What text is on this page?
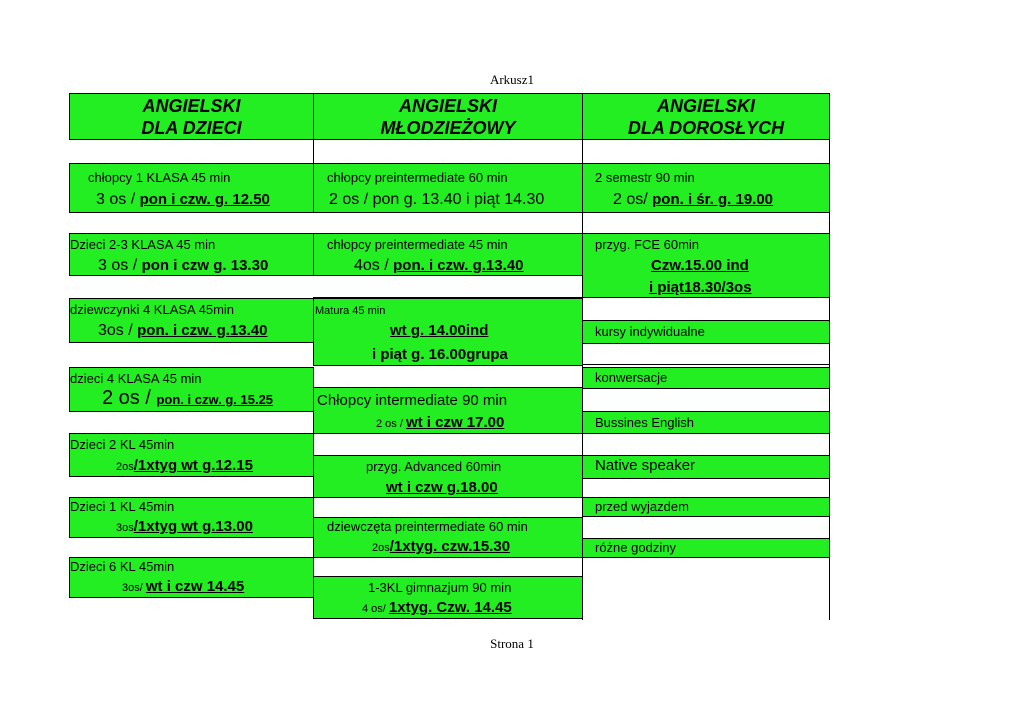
Arkusz1
ANGIELSKI
DLA DZIECI
ANGIELSKI
MŁODZIEŻOWY
ANGIELSKI
DLA DOROSŁYCH
chłopcy 1 KLASA 45 min
3 os / pon i czw. g. 12.50
Dzieci 2-3 KLASA 45 min
3 os / pon i czw g. 13.30
dziewczynki 4 KLASA 45min
3os / pon. i czw. g.13.40
dzieci 4 KLASA 45 min
2 os / pon. i czw. g. 15.25
Dzieci 2 KL 45min
2os/1xtyg wt g.12.15
Dzieci 1 KL 45min
3os/1xtyg wt g.13.00
Dzieci 6 KL 45min
3os/ wt i czw 14.45
chłopcy preintermediate 60 min
2 os / pon g. 13.40 i piąt 14.30
chłopcy preintermediate 45 min
4os / pon. i czw. g.13.40
Matura 45 min
wt g. 14.00ind
i piąt g. 16.00grupa
Chłopcy intermediate 90 min
2 os / wt i czw 17.00
przyg. Advanced 60min
wt i czw g.18.00
dziewczęta preintermediate 60 min
2os/1xtyg. czw.15.30
1-3KL gimnazjum 90 min
4 os/ 1xtyg. Czw. 14.45
2 semestr 90 min
2 os/ pon. i śr. g. 19.00
przyg. FCE 60min
Czw.15.00 ind
i piąt18.30/3os
kursy indywidualne
konwersacje
Bussines English
Native speaker
przed wyjazdem
różne godziny
Strona 1
